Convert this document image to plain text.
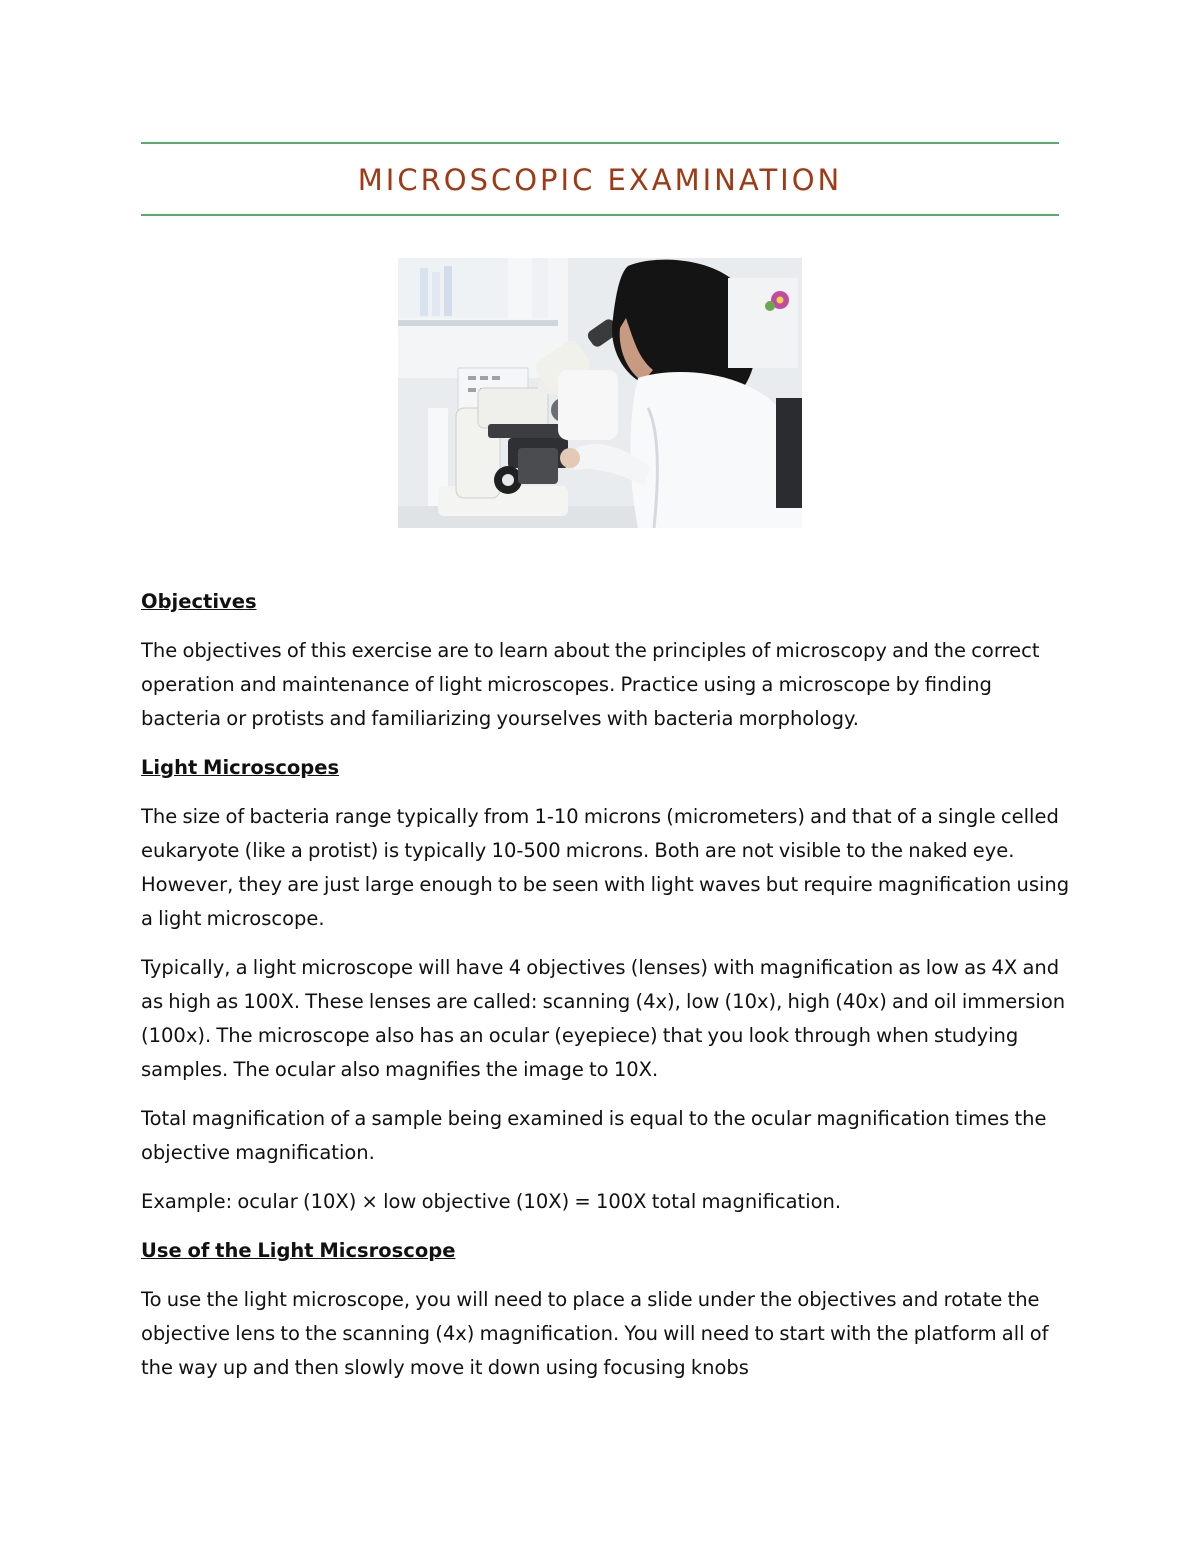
MICROSCOPIC EXAMINATION

Objectives

The objectives of this exercise are to learn about the principles of microscopy and the correct operation and maintenance of light microscopes. Practice using a microscope by finding bacteria or protists and familiarizing yourselves with bacteria morphology.

Light Microscopes

The size of bacteria range typically from 1-10 microns (micrometers) and that of a single celled eukaryote (like a protist) is typically 10-500 microns. Both are not visible to the naked eye. However, they are just large enough to be seen with light waves but require magnification using a light microscope.

Typically, a light microscope will have 4 objectives (lenses) with magnification as low as 4X and as high as 100X. These lenses are called: scanning (4x), low (10x), high (40x) and oil immersion (100x). The microscope also has an ocular (eyepiece) that you look through when studying samples. The ocular also magnifies the image to 10X.

Total magnification of a sample being examined is equal to the ocular magnification times the objective magnification.

Example: ocular (10X) × low objective (10X) = 100X total magnification.

Use of the Light Micsroscope

To use the light microscope, you will need to place a slide under the objectives and rotate the objective lens to the scanning (4x) magnification. You will need to start with the platform all of the way up and then slowly move it down using focusing knobs
